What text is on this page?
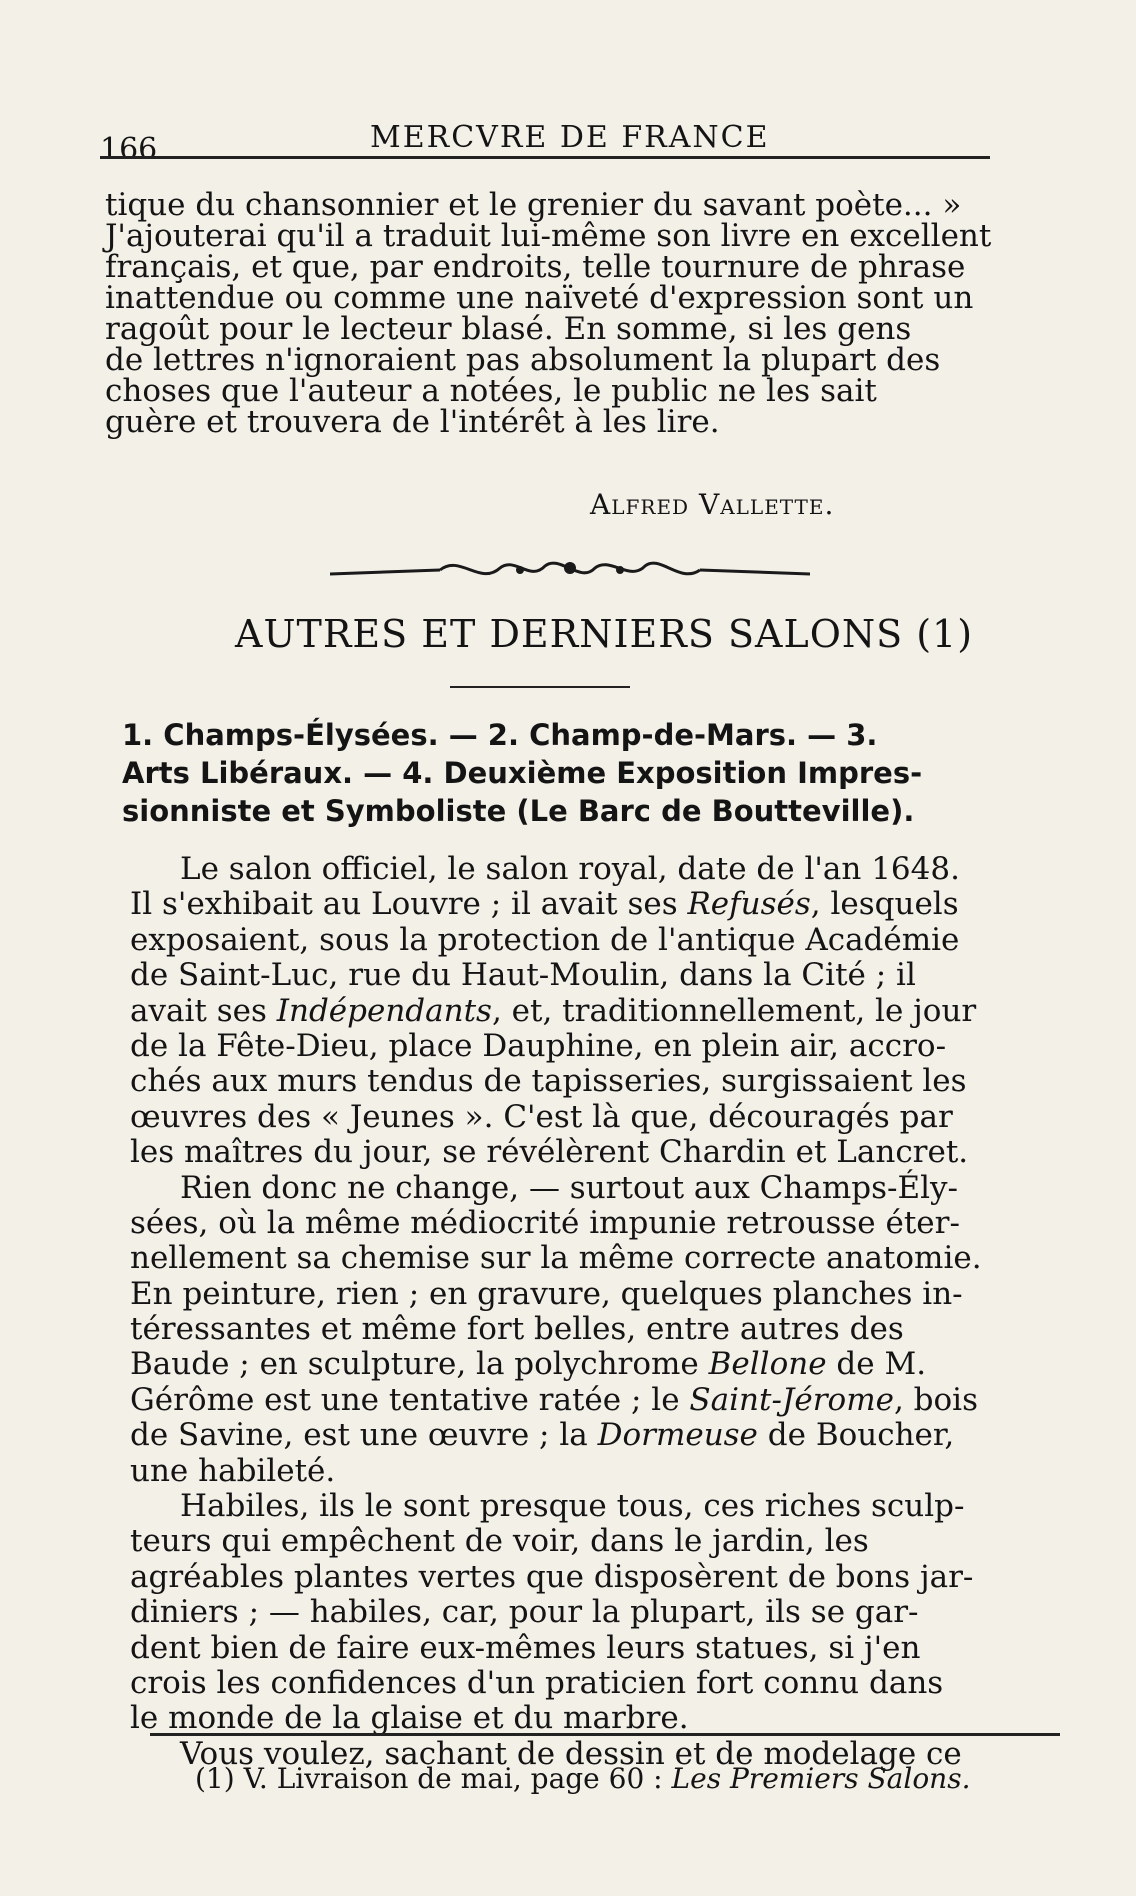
166	MERCVRE DE FRANCE
tique du chansonnier et le grenier du savant poète... »
J'ajouterai qu'il a traduit lui-même son livre en excellent
français, et que, par endroits, telle tournure de phrase
inattendue ou comme une naïveté d'expression sont un
ragoût pour le lecteur blasé. En somme, si les gens
de lettres n'ignoraient pas absolument la plupart des
choses que l'auteur a notées, le public ne les sait
guère et trouvera de l'intérêt à les lire.
Alfred Vallette.
AUTRES ET DERNIERS SALONS (1)
1. Champs-Élysées. — 2. Champ-de-Mars. — 3.
Arts Libéraux. — 4. Deuxième Exposition Impres-
sionniste et Symboliste (Le Barc de Boutteville).
Le salon officiel, le salon royal, date de l'an 1648.
Il s'exhibait au Louvre ; il avait ses Refusés, lesquels
exposaient, sous la protection de l'antique Académie
de Saint-Luc, rue du Haut-Moulin, dans la Cité ; il
avait ses Indépendants, et, traditionnellement, le jour
de la Fête-Dieu, place Dauphine, en plein air, accro-
chés aux murs tendus de tapisseries, surgissaient les
œuvres des « Jeunes ». C'est là que, découragés par
les maîtres du jour, se révélèrent Chardin et Lancret.
Rien donc ne change, — surtout aux Champs-Ély-
sées, où la même médiocrité impunie retrousse éter-
nellement sa chemise sur la même correcte anatomie.
En peinture, rien ; en gravure, quelques planches in-
téressantes et même fort belles, entre autres des
Baude ; en sculpture, la polychrome Bellone de M.
Gérôme est une tentative ratée ; le Saint-Jérome, bois
de Savine, est une œuvre ; la Dormeuse de Boucher,
une habileté.
Habiles, ils le sont presque tous, ces riches sculp-
teurs qui empêchent de voir, dans le jardin, les
agréables plantes vertes que disposèrent de bons jar-
diniers ; — habiles, car, pour la plupart, ils se gar-
dent bien de faire eux-mêmes leurs statues, si j'en
crois les confidences d'un praticien fort connu dans
le monde de la glaise et du marbre.
Vous voulez, sachant de dessin et de modelage ce
(1) V. Livraison de mai, page 60 : Les Premiers Salons.
